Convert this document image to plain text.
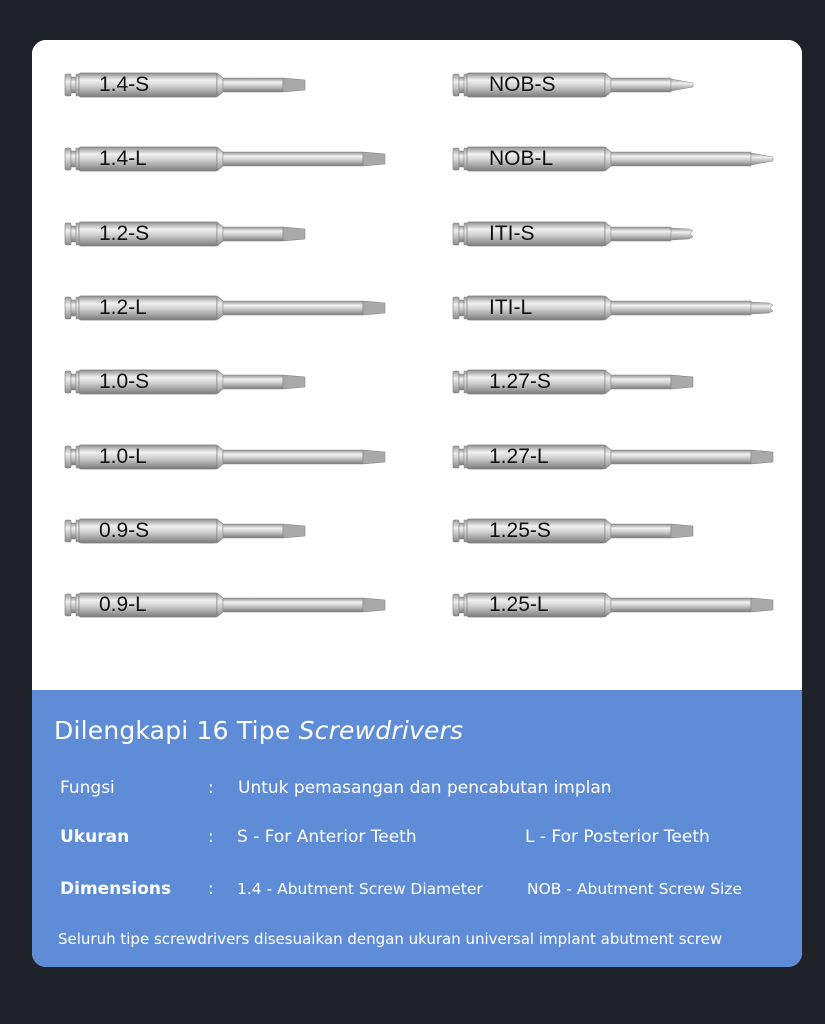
1.4-S
1.4-L
1.2-S
1.2-L
1.0-S
1.0-L
0.9-S
0.9-L
NOB-S
NOB-L
ITI-S
ITI-L
1.27-S
1.27-L
1.25-S
1.25-L
Dilengkapi 16 Tipe Screwdrivers
Fungsi	: Untuk pemasangan dan pencabutan implan
Ukuran	: S - For Anterior Teeth	L - For Posterior Teeth
Dimensions : 1.4 - Abutment Screw Diameter	NOB - Abutment Screw Size
Seluruh tipe screwdrivers disesuaikan dengan ukuran universal implant abutment screw
